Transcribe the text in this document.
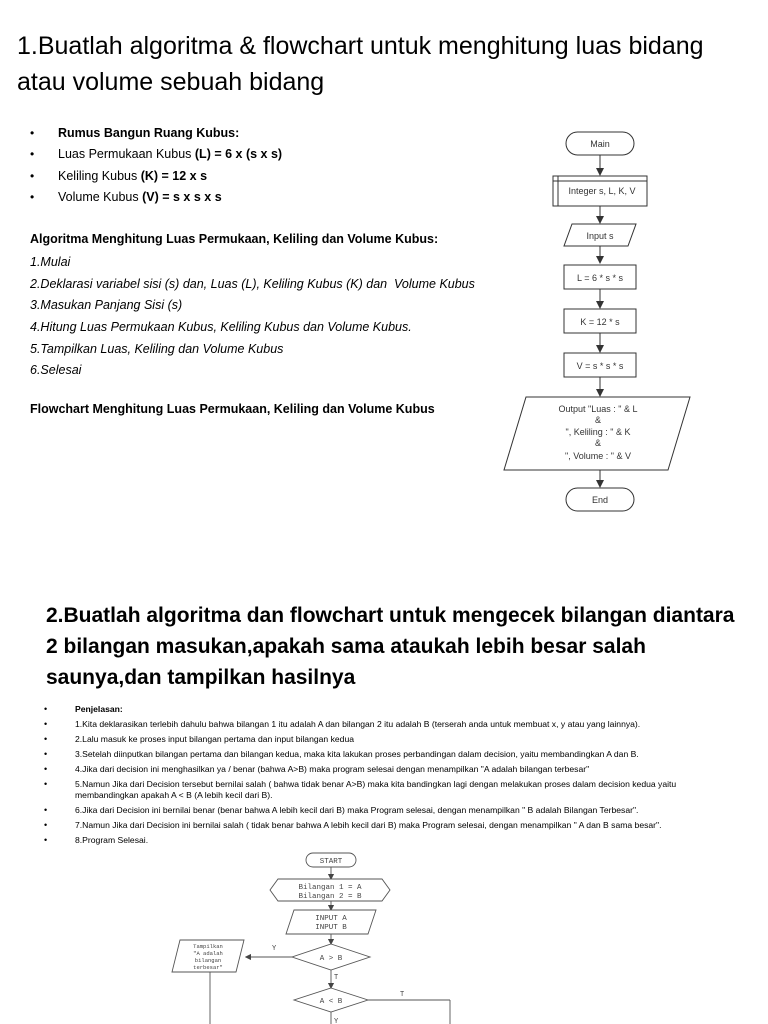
1.Buatlah algoritma & flowchart untuk menghitung luas bidang atau volume sebuah bidang
•	Rumus Bangun Ruang Kubus:
•	Luas Permukaan Kubus (L) = 6 x (s x s)
•	Keliling Kubus (K) = 12 x s
•	Volume Kubus (V) = s x s x s
Algoritma Menghitung Luas Permukaan, Keliling dan Volume Kubus:
1.Mulai
2.Deklarasi variabel sisi (s) dan, Luas (L), Keliling Kubus (K) dan  Volume Kubus
3.Masukan Panjang Sisi (s)
4.Hitung Luas Permukaan Kubus, Keliling Kubus dan Volume Kubus.
5.Tampilkan Luas, Keliling dan Volume Kubus
6.Selesai
Flowchart Menghitung Luas Permukaan, Keliling dan Volume Kubus
Main
Integer s, L, K, V
Input s
L = 6 * s * s
K = 12 * s
V = s * s * s
Output "Luas : " & L
&
", Keliling : " & K
&
", Volume : " & V
End
2.Buatlah algoritma dan flowchart untuk mengecek bilangan diantara 2 bilangan masukan,apakah sama ataukah lebih besar salah saunya,dan tampilkan hasilnya
•	Penjelasan:
•	1.Kita deklarasikan terlebih dahulu bahwa bilangan 1 itu adalah A dan bilangan 2 itu adalah B (terserah anda untuk membuat x, y atau yang lainnya).
•	2.Lalu masuk ke proses input bilangan pertama dan input bilangan kedua
•	3.Setelah diinputkan bilangan pertama dan bilangan kedua, maka kita lakukan proses perbandingan dalam decision, yaitu membandingkan A dan B.
•	4.Jika dari decision ini menghasilkan ya / benar (bahwa A>B) maka program selesai dengan menampilkan "A adalah bilangan terbesar"
•	5.Namun Jika dari Decision tersebut bernilai salah ( bahwa tidak benar A>B) maka kita bandingkan lagi dengan melakukan proses dalam decision kedua yaitu membandingkan apakah A < B (A lebih kecil dari B).
•	6.Jika dari Decision ini bernilai benar (benar bahwa A lebih kecil dari B) maka Program selesai, dengan menampilkan " B adalah Bilangan Terbesar".
•	7.Namun Jika dari Decision ini bernilai salah ( tidak benar bahwa A lebih kecil dari B) maka Program selesai, dengan menampilkan " A dan B sama besar".
•	8.Program Selesai.
START
Bilangan 1 = A
Bilangan 2 = B
INPUT A
INPUT B
A > B
A < B
Tampilkan
"A adalah
bilangan
terbesar"
Y
T
T
Y
